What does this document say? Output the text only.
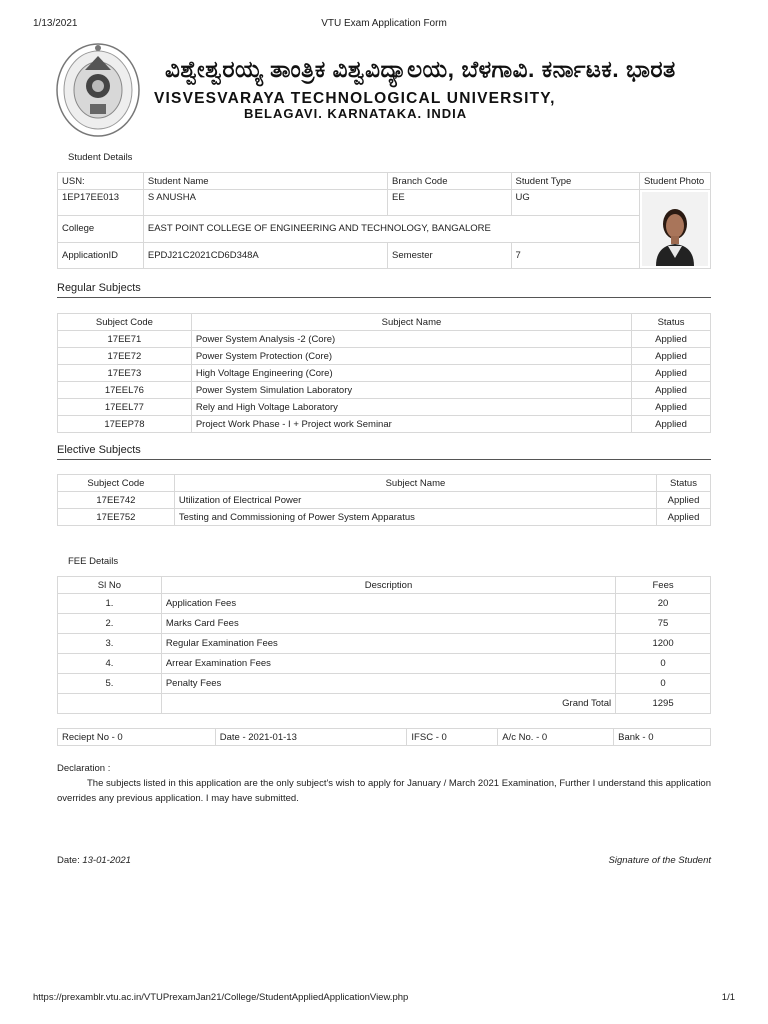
1/13/2021	VTU Exam Application Form
ವಿಶ್ವೇಶ್ವರಯ್ಯ ತಾಂತ್ರಿಕ ವಿಶ್ವವಿದ್ಯಾಲಯ, ಬೆಳಗಾವಿ. ಕರ್ನಾಟಕ. ಭಾರತ
VISVESVARAYA TECHNOLOGICAL UNIVERSITY,
BELAGAVI. KARNATAKA. INDIA
Student Details
USN:	Student Name	Branch Code	Student Type	Student Photo
1EP17EE013	S ANUSHA	EE	UG	

College	EAST POINT COLLEGE OF ENGINEERING AND TECHNOLOGY, BANGALORE			
ApplicationID	EPDJ21C2021CD6D348A	Semester	7	
Regular Subjects
Subject Code	Subject Name	Status
17EE71	Power System Analysis -2 (Core)	Applied
17EE72	Power System Protection (Core)	Applied
17EE73	High Voltage Engineering (Core)	Applied
17EEL76	Power System Simulation Laboratory	Applied
17EEL77	Rely and High Voltage Laboratory	Applied
17EEP78	Project Work Phase - I + Project work Seminar	Applied
Elective Subjects
Subject Code	Subject Name	Status
17EE742	Utilization of Electrical Power	Applied
17EE752	Testing and Commissioning of Power System Apparatus	Applied
FEE Details
Sl No	Description	Fees
1.	Application Fees	20
2.	Marks Card Fees	75
3.	Regular Examination Fees	1200
4.	Arrear Examination Fees	0
5.	Penalty Fees	0
	Grand Total	1295
Reciept No - 0	Date - 2021-01-13	IFSC - 0	A/c No. - 0	Bank - 0
Declaration :
The subjects listed in this application are the only subject's wish to apply for January / March 2021 Examination, Further I understand this application overrides any previous application. I may have submitted.
Date: 13-01-2021	Signature of the Student
https://prexamblr.vtu.ac.in/VTUPrexamJan21/College/StudentAppliedApplicationView.php	1/1
